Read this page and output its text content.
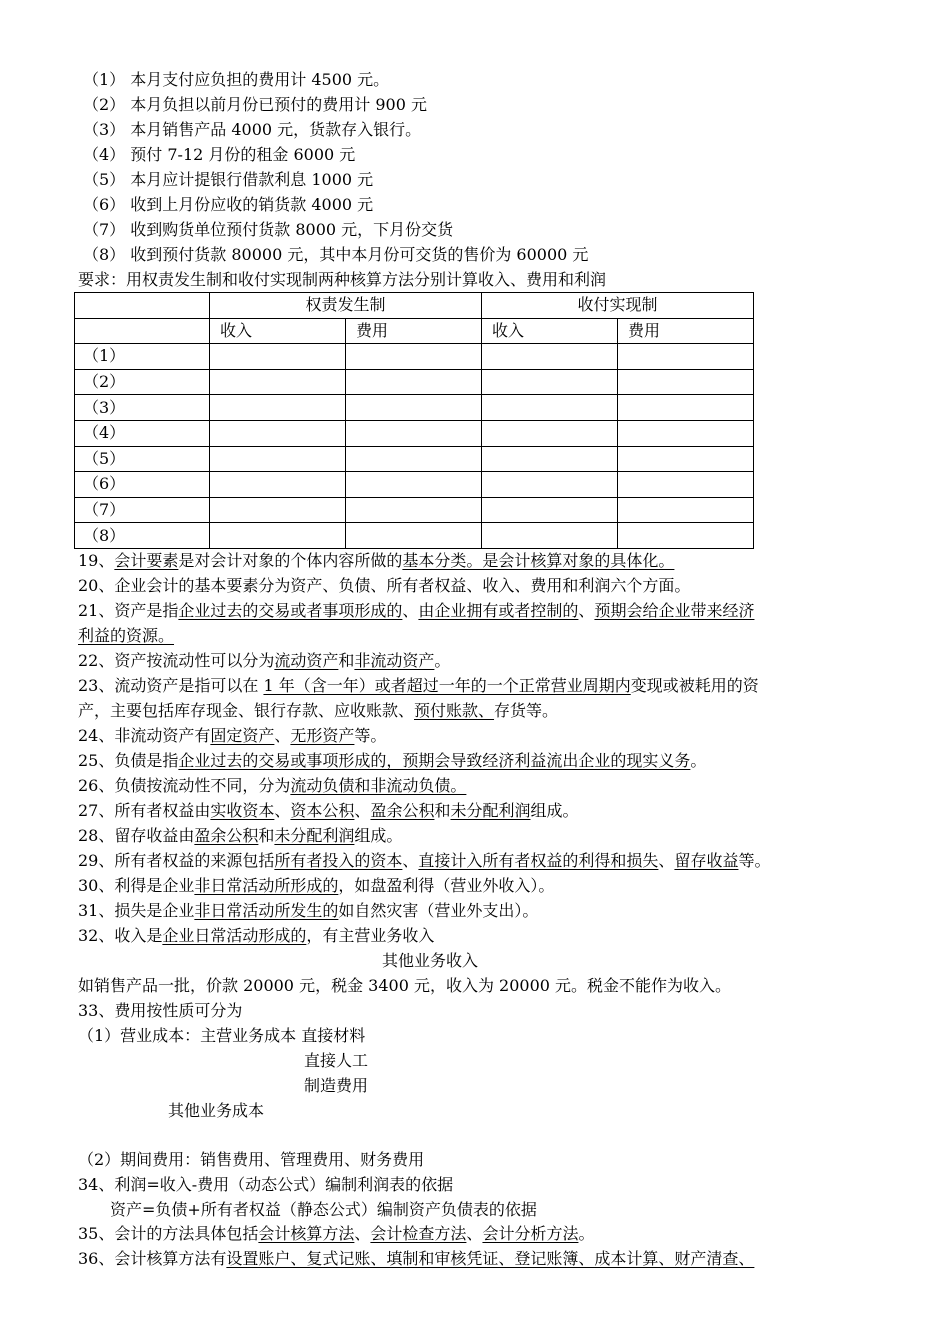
（1） 本月支付应负担的费用计 4500 元。
（2） 本月负担以前月份已预付的费用计 900 元
（3） 本月销售产品 4000 元，货款存入银行。
（4） 预付 7-12 月份的租金 6000 元
（5） 本月应计提银行借款利息 1000 元
（6） 收到上月份应收的销货款 4000 元
（7） 收到购货单位预付货款 8000 元，下月份交货
（8） 收到预付货款 80000 元，其中本月份可交货的售价为 60000 元
要求：用权责发生制和收付实现制两种核算方法分别计算收入、费用和利润
	权责发生制		收付实现制	
	收入	费用	收入	费用
（1）				
（2）				
（3）				
（4）				
（5）				
（6）				
（7）				
（8）				
19、会计要素是对会计对象的个体内容所做的基本分类。是会计核算对象的具体化。
20、企业会计的基本要素分为资产、负债、所有者权益、收入、费用和利润六个方面。
21、资产是指企业过去的交易或者事项形成的、由企业拥有或者控制的、预期会给企业带来经济
利益的资源。
22、资产按流动性可以分为流动资产和非流动资产。
23、流动资产是指可以在 1 年（含一年）或者超过一年的一个正常营业周期内变现或被耗用的资
产，主要包括库存现金、银行存款、应收账款、预付账款、存货等。
24、非流动资产有固定资产、无形资产等。
25、负债是指企业过去的交易或事项形成的，预期会导致经济利益流出企业的现实义务。
26、负债按流动性不同，分为流动负债和非流动负债。
27、所有者权益由实收资本、资本公积、盈余公积和未分配利润组成。
28、留存收益由盈余公积和未分配利润组成。
29、所有者权益的来源包括所有者投入的资本、直接计入所有者权益的利得和损失、留存收益等。
30、利得是企业非日常活动所形成的，如盘盈利得（营业外收入）。
31、损失是企业非日常活动所发生的如自然灾害（营业外支出）。
32、收入是企业日常活动形成的，有主营业务收入
其他业务收入
如销售产品一批，价款 20000 元，税金 3400 元，收入为 20000 元。税金不能作为收入。
33、费用按性质可分为
（1）营业成本：主营业务成本 直接材料
直接人工
制造费用
其他业务成本
（2）期间费用：销售费用、管理费用、财务费用
34、利润=收入-费用（动态公式）编制利润表的依据
资产=负债+所有者权益（静态公式）编制资产负债表的依据
35、会计的方法具体包括会计核算方法、会计检查方法、会计分析方法。
36、会计核算方法有设置账户、复式记账、填制和审核凭证、登记账簿、成本计算、财产清查、
